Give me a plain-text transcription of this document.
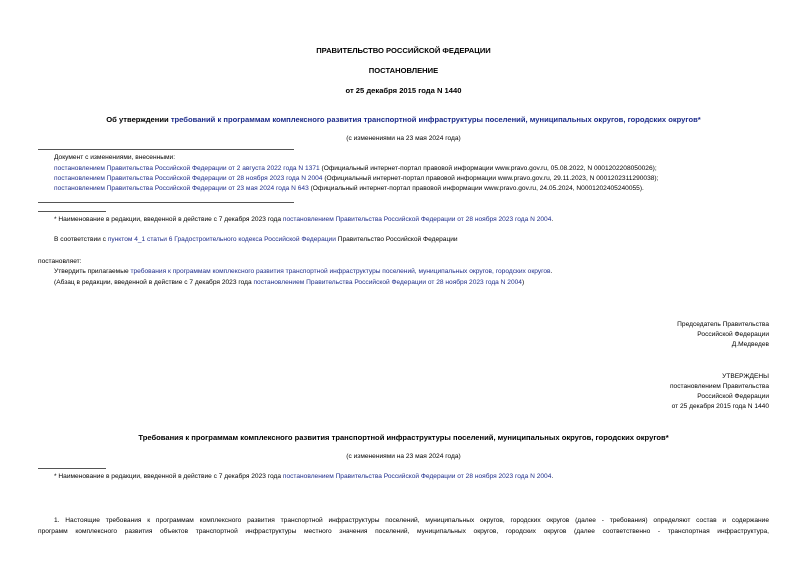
ПРАВИТЕЛЬСТВО РОССИЙСКОЙ ФЕДЕРАЦИИ
ПОСТАНОВЛЕНИЕ
от 25 декабря 2015 года N 1440
Об утверждении требований к программам комплексного развития транспортной инфраструктуры поселений, муниципальных округов, городских округов*
(с изменениями на 23 мая 2024 года)
Документ с изменениями, внесенными:
постановлением Правительства Российской Федерации от 2 августа 2022 года N 1371 (Официальный интернет-портал правовой информации www.pravo.gov.ru, 05.08.2022, N 0001202208050026);
постановлением Правительства Российской Федерации от 28 ноября 2023 года N 2004 (Официальный интернет-портал правовой информации www.pravo.gov.ru, 29.11.2023, N 0001202311290038);
постановлением Правительства Российской Федерации от 23 мая 2024 года N 643 (Официальный интернет-портал правовой информации www.pravo.gov.ru, 24.05.2024, N0001202405240055).
* Наименование в редакции, введенной в действие с 7 декабря 2023 года постановлением Правительства Российской Федерации от 28 ноября 2023 года N 2004.
В соответствии с пунктом 4_1 статьи 6 Градостроительного кодекса Российской Федерации Правительство Российской Федерации
постановляет:
Утвердить прилагаемые требования к программам комплексного развития транспортной инфраструктуры поселений, муниципальных округов, городских округов.
(Абзац в редакции, введенной в действие с 7 декабря 2023 года постановлением Правительства Российской Федерации от 28 ноября 2023 года N 2004)
Председатель Правительства
Российской Федерации
Д.Медведев
УТВЕРЖДЕНЫ
постановлением Правительства
Российской Федерации
от 25 декабря 2015 года N 1440
Требования к программам комплексного развития транспортной инфраструктуры поселений, муниципальных округов, городских округов*
(с изменениями на 23 мая 2024 года)
* Наименование в редакции, введенной в действие с 7 декабря 2023 года постановлением Правительства Российской Федерации от 28 ноября 2023 года N 2004.
1. Настоящие требования к программам комплексного развития транспортной инфраструктуры поселений, муниципальных округов, городских округов (далее - требования) определяют состав и содержание
программ комплексного развития объектов транспортной инфраструктуры местного значения поселений, муниципальных округов, городских округов (далее соответственно - транспортная инфраструктура,
